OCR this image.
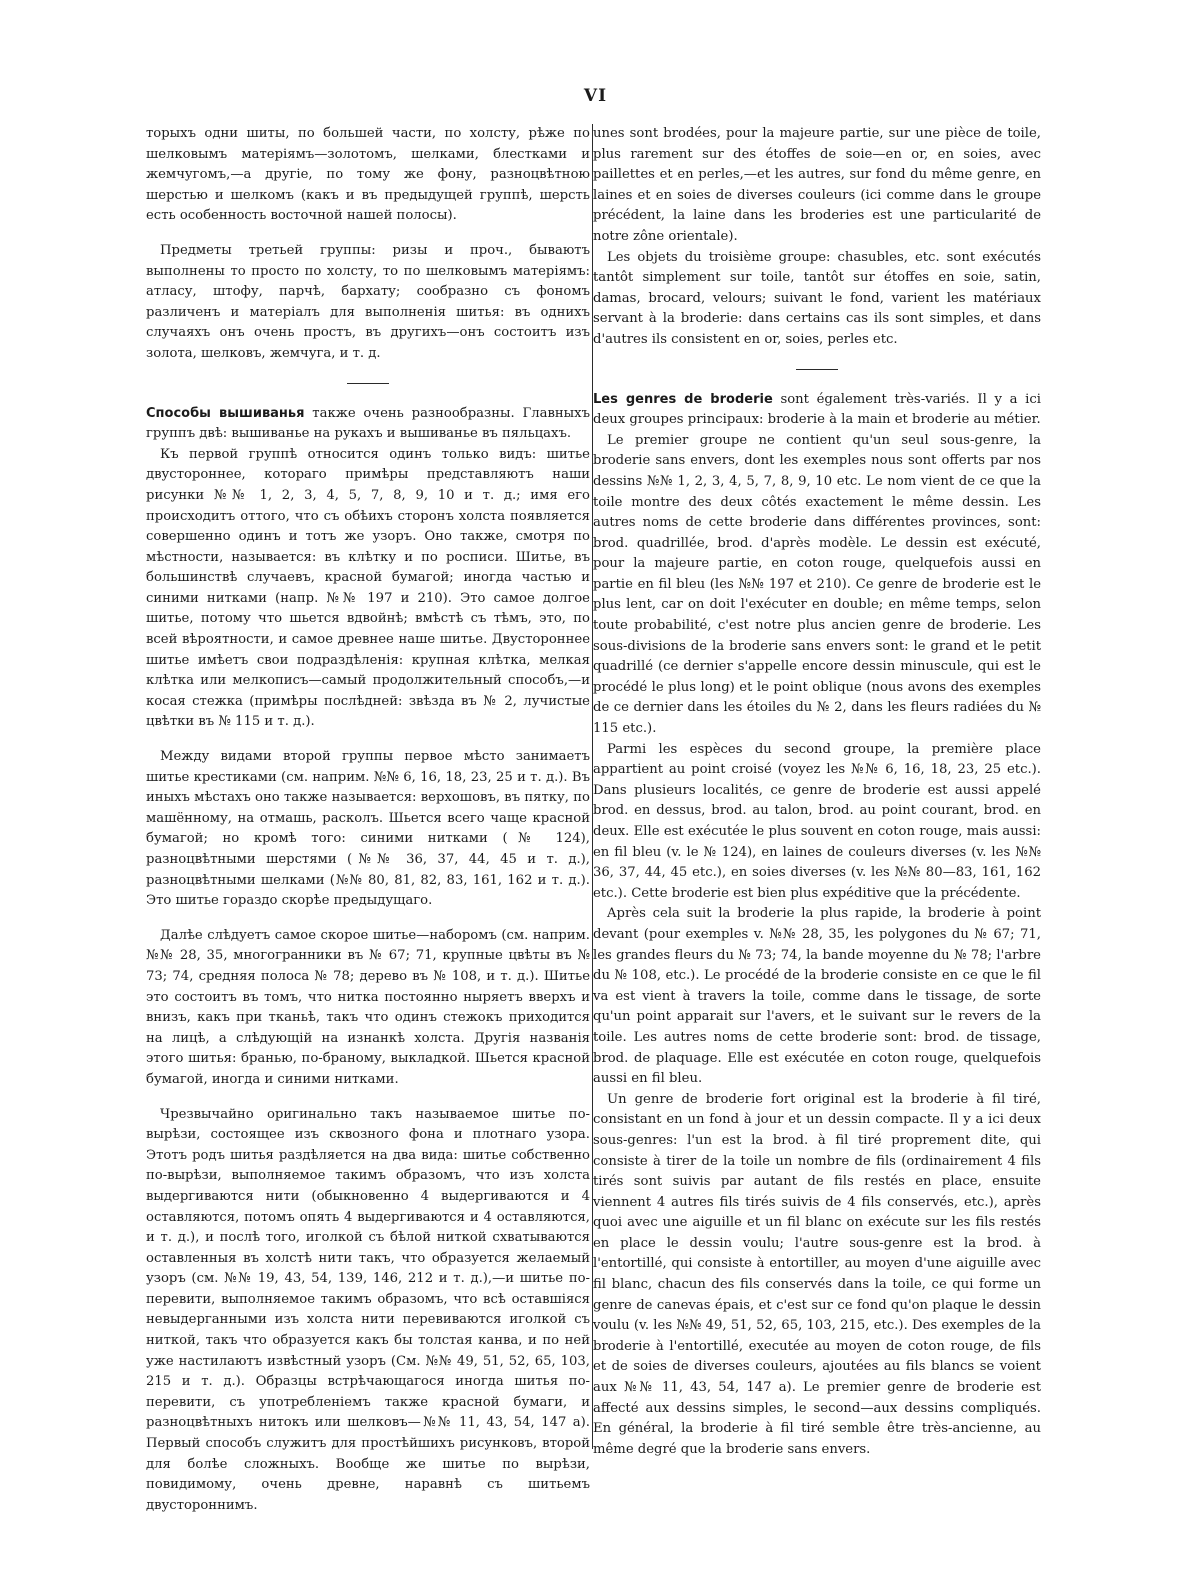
VI

торыхъ одни шиты, по большей части, по холсту, рѣже по шелковымъ матеріямъ—золотомъ, шелками, блестками и жемчугомъ,—а другіе, по тому же фону, разноцвѣтною шерстью и шелкомъ (какъ и въ предыдущей группѣ, шерсть есть особенность восточной нашей полосы).

Предметы третьей группы: ризы и проч., бываютъ выполнены то просто по холсту, то по шелковымъ матеріямъ: атласу, штофу, парчѣ, бархату; сообразно съ фономъ различенъ и матеріалъ для выполненія шитья: въ однихъ случаяхъ онъ очень простъ, въ другихъ—онъ состоитъ изъ золота, шелковъ, жемчуга, и т. д.

Способы вышиванья также очень разнообразны. Главныхъ группъ двѣ: вышиванье на рукахъ и вышиванье въ пяльцахъ.

Къ первой группѣ относится одинъ только видъ: шитье двустороннее, котораго примѣры представляютъ наши рисунки №№ 1, 2, 3, 4, 5, 7, 8, 9, 10 и т. д.; имя его происходитъ оттого, что съ обѣихъ сторонъ холста появляется совершенно одинъ и тотъ же узоръ. Оно также, смотря по мѣстности, называется: въ клѣтку и по росписи. Шитье, въ большинствѣ случаевъ, красной бумагой; иногда частью и синими нитками (напр. №№ 197 и 210). Это самое долгое шитье, потому что шьется вдвойнѣ; вмѣстѣ съ тѣмъ, это, по всей вѣроятности, и самое древнее наше шитье. Двустороннее шитье имѣетъ свои подраздѣленія: крупная клѣтка, мелкая клѣтка или мелкописъ—самый продолжительный способъ,—и косая стежка (примѣры послѣдней: звѣзда въ № 2, лучистые цвѣтки въ № 115 и т. д.).

Между видами второй группы первое мѣсто занимаетъ шитье крестиками (см. наприм. №№ 6, 16, 18, 23, 25 и т. д.). Въ иныхъ мѣстахъ оно также называется: верхошовъ, въ пятку, по машённому, на отмашь, расколъ. Шьется всего чаще красной бумагой; но кромѣ того: синими нитками (№ 124), разноцвѣтными шерстями (№№ 36, 37, 44, 45 и т. д.), разноцвѣтными шелками (№№ 80, 81, 82, 83, 161, 162 и т. д.). Это шитье гораздо скорѣе предыдущаго.

Далѣе слѣдуетъ самое скорое шитье—наборомъ (см. наприм. №№ 28, 35, многогранники въ № 67; 71, крупные цвѣты въ № 73; 74, средняя полоса № 78; дерево въ № 108, и т. д.). Шитье это состоитъ въ томъ, что нитка постоянно ныряетъ вверхъ и внизъ, какъ при тканьѣ, такъ что одинъ стежокъ приходится на лицѣ, а слѣдующій на изнанкѣ холста. Другія названія этого шитья: бранью, по-браному, выкладкой. Шьется красной бумагой, иногда и синими нитками.

Чрезвычайно оригинально такъ называемое шитье по-вырѣзи, состоящее изъ сквозного фона и плотнаго узора. Этотъ родъ шитья раздѣляется на два вида: шитье собственно по-вырѣзи, выполняемое такимъ образомъ, что изъ холста выдергиваются нити (обыкновенно 4 выдергиваются и 4 оставляются, потомъ опять 4 выдергиваются и 4 оставляются, и т. д.), и послѣ того, иголкой съ бѣлой ниткой схватываются оставленныя въ холстѣ нити такъ, что образуется желаемый узоръ (см. №№ 19, 43, 54, 139, 146, 212 и т. д.),—и шитье по-перевити, выполняемое такимъ образомъ, что всѣ оставшіяся невыдерганными изъ холста нити перевиваются иголкой съ ниткой, такъ что образуется какъ бы толстая канва, и по ней уже настилаютъ извѣстный узоръ (См. №№ 49, 51, 52, 65, 103, 215 и т. д.). Образцы встрѣчающагося иногда шитья по-перевити, съ употребленіемъ также красной бумаги, и разноцвѣтныхъ нитокъ или шелковъ—№№ 11, 43, 54, 147 а). Первый способъ служитъ для простѣйшихъ рисунковъ, второй для болѣе сложныхъ. Вообще же шитье по вырѣзи, повидимому, очень древне, наравнѣ съ шитьемъ двустороннимъ.

unes sont brodées, pour la majeure partie, sur une pièce de toile, plus rarement sur des étoffes de soie—en or, en soies, avec paillettes et en perles,—et les autres, sur fond du même genre, en laines et en soies de diverses couleurs (ici comme dans le groupe précédent, la laine dans les broderies est une particularité de notre zône orientale).

Les objets du troisième groupe: chasubles, etc. sont exécutés tantôt simplement sur toile, tantôt sur étoffes en soie, satin, damas, brocard, velours; suivant le fond, varient les matériaux servant à la broderie: dans certains cas ils sont simples, et dans d'autres ils consistent en or, soies, perles etc.

Les genres de broderie sont également très-variés. Il y a ici deux groupes principaux: broderie à la main et broderie au métier.

Le premier groupe ne contient qu'un seul sous-genre, la broderie sans envers, dont les exemples nous sont offerts par nos dessins №№ 1, 2, 3, 4, 5, 7, 8, 9, 10 etc. Le nom vient de ce que la toile montre des deux côtés exactement le même dessin. Les autres noms de cette broderie dans différentes provinces, sont: brod. quadrillée, brod. d'après modèle. Le dessin est exécuté, pour la majeure partie, en coton rouge, quelquefois aussi en partie en fil bleu (les №№ 197 et 210). Ce genre de broderie est le plus lent, car on doit l'exécuter en double; en même temps, selon toute probabilité, c'est notre plus ancien genre de broderie. Les sous-divisions de la broderie sans envers sont: le grand et le petit quadrillé (ce dernier s'appelle encore dessin minuscule, qui est le procédé le plus long) et le point oblique (nous avons des exemples de ce dernier dans les étoiles du № 2, dans les fleurs radiées du № 115 etc.).

Parmi les espèces du second groupe, la première place appartient au point croisé (voyez les №№ 6, 16, 18, 23, 25 etc.). Dans plusieurs localités, ce genre de broderie est aussi appelé brod. en dessus, brod. au talon, brod. au point courant, brod. en deux. Elle est exécutée le plus souvent en coton rouge, mais aussi: en fil bleu (v. le № 124), en laines de couleurs diverses (v. les №№ 36, 37, 44, 45 etc.), en soies diverses (v. les №№ 80—83, 161, 162 etc.). Cette broderie est bien plus expéditive que la précédente.

Après cela suit la broderie la plus rapide, la broderie à point devant (pour exemples v. №№ 28, 35, les polygones du № 67; 71, les grandes fleurs du № 73; 74, la bande moyenne du № 78; l'arbre du № 108, etc.). Le procédé de la broderie consiste en ce que le fil va est vient à travers la toile, comme dans le tissage, de sorte qu'un point apparait sur l'avers, et le suivant sur le revers de la toile. Les autres noms de cette broderie sont: brod. de tissage, brod. de plaquage. Elle est exécutée en coton rouge, quelquefois aussi en fil bleu.

Un genre de broderie fort original est la broderie à fil tiré, consistant en un fond à jour et un dessin compacte. Il y a ici deux sous-genres: l'un est la brod. à fil tiré proprement dite, qui consiste à tirer de la toile un nombre de fils (ordinairement 4 fils tirés sont suivis par autant de fils restés en place, ensuite viennent 4 autres fils tirés suivis de 4 fils conservés, etc.), après quoi avec une aiguille et un fil blanc on exécute sur les fils restés en place le dessin voulu; l'autre sous-genre est la brod. à l'entortillé, qui consiste à entortiller, au moyen d'une aiguille avec fil blanc, chacun des fils conservés dans la toile, ce qui forme un genre de canevas épais, et c'est sur ce fond qu'on plaque le dessin voulu (v. les №№ 49, 51, 52, 65, 103, 215, etc.). Des exemples de la broderie à l'entortillé, executée au moyen de coton rouge, de fils et de soies de diverses couleurs, ajoutées au fils blancs se voient aux №№ 11, 43, 54, 147 a). Le premier genre de broderie est affecté aux dessins simples, le second—aux dessins compliqués. En général, la broderie à fil tiré semble être très-ancienne, au même degré que la broderie sans envers.
